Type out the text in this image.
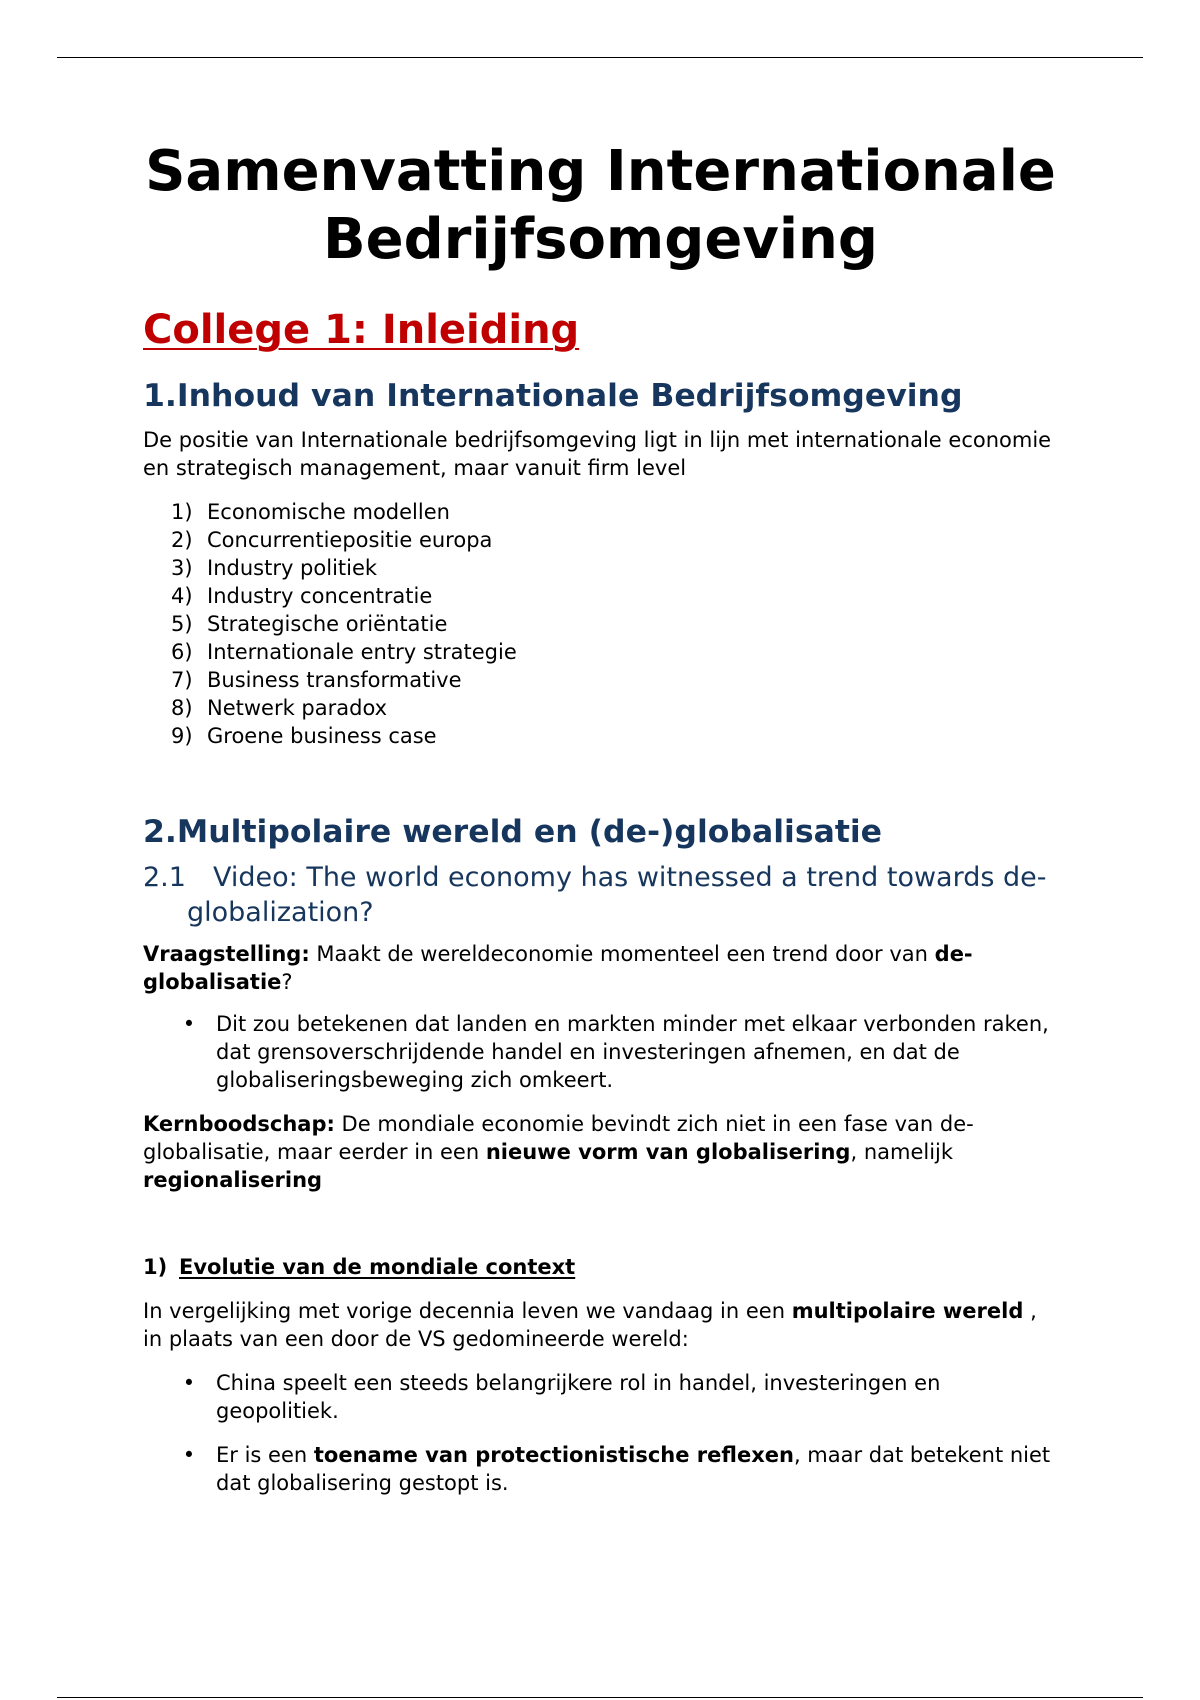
Samenvatting Internationale
Bedrijfsomgeving
College 1: Inleiding
1. Inhoud van Internationale Bedrijfsomgeving

De positie van Internationale bedrijfsomgeving ligt in lijn met internationale economie en strategisch management, maar vanuit firm level

1) Economische modellen
2) Concurrentiepositie europa
3) Industry politiek
4) Industry concentratie
5) Strategische oriëntatie
6) Internationale entry strategie
7) Business transformative
8) Netwerk paradox
9) Groene business case
2. Multipolaire wereld en (de-)globalisatie
2.1 Video: The world economy has witnessed a trend towards de-globalization?

Vraagstelling: Maakt de wereldeconomie momenteel een trend door van de-globalisatie?

• Dit zou betekenen dat landen en markten minder met elkaar verbonden raken, dat grensoverschrijdende handel en investeringen afnemen, en dat de globaliseringsbeweging zich omkeert.

Kernboodschap: De mondiale economie bevindt zich niet in een fase van de-globalisatie, maar eerder in een nieuwe vorm van globalisering, namelijk regionalisering

1) Evolutie van de mondiale context

In vergelijking met vorige decennia leven we vandaag in een multipolaire wereld , in plaats van een door de VS gedomineerde wereld:

• China speelt een steeds belangrijkere rol in handel, investeringen en geopolitiek.
• Er is een toename van protectionistische reflexen, maar dat betekent niet dat globalisering gestopt is.
